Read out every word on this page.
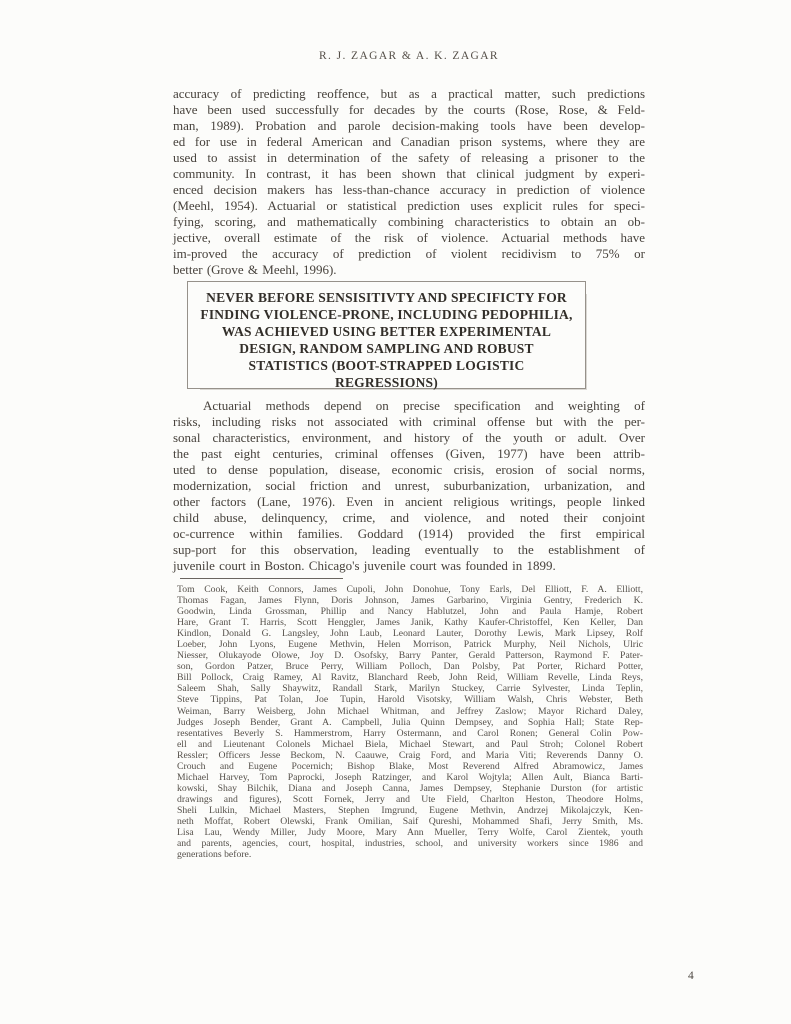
R. J. ZAGAR & A. K. ZAGAR
accuracy of predicting reoffence, but as a practical matter, such predictions
have been used successfully for decades by the courts (Rose, Rose, & Feld-
man, 1989). Probation and parole decision-making tools have been develop-
ed for use in federal American and Canadian prison systems, where they are
used to assist in determination of the safety of releasing a prisoner to the
community. In contrast, it has been shown that clinical judgment by experi-
enced decision makers has less-than-chance accuracy in prediction of violence
(Meehl, 1954). Actuarial or statistical prediction uses explicit rules for speci-
fying, scoring, and mathematically combining characteristics to obtain an ob-
jective, overall estimate of the risk of violence. Actuarial methods have
im-proved the accuracy of prediction of violent recidivism to 75% or
better (Grove & Meehl, 1996).
NEVER BEFORE SENSISITIVTY AND SPECIFICTY FOR
FINDING VIOLENCE-PRONE, INCLUDING PEDOPHILIA,
WAS ACHIEVED USING BETTER EXPERIMENTAL
DESIGN, RANDOM SAMPLING AND ROBUST
STATISTICS (BOOT-STRAPPED LOGISTIC
REGRESSIONS)
Actuarial methods depend on precise specification and weighting of
risks, including risks not associated with criminal offense but with the per-
sonal characteristics, environment, and history of the youth or adult. Over
the past eight centuries, criminal offenses (Given, 1977) have been attrib-
uted to dense population, disease, economic crisis, erosion of social norms,
modernization, social friction and unrest, suburbanization, urbanization, and
other factors (Lane, 1976). Even in ancient religious writings, people linked
child abuse, delinquency, crime, and violence, and noted their conjoint
oc-currence within families. Goddard (1914) provided the first empirical
sup-port for this observation, leading eventually to the establishment of
juvenile court in Boston. Chicago's juvenile court was founded in 1899.
Tom Cook, Keith Connors, James Cupoli, John Donohue, Tony Earls, Del Elliott, F. A. Elliott,
Thomas Fagan, James Flynn, Doris Johnson, James Garbarino, Virginia Gentry, Frederich K.
Goodwin, Linda Grossman, Phillip and Nancy Hablutzel, John and Paula Hamje, Robert
Hare, Grant T. Harris, Scott Henggler, James Janik, Kathy Kaufer-Christoffel, Ken Keller, Dan
Kindlon, Donald G. Langsley, John Laub, Leonard Lauter, Dorothy Lewis, Mark Lipsey, Rolf
Loeber, John Lyons, Eugene Methvin, Helen Morrison, Patrick Murphy, Neil Nichols, Ulric
Niesser, Olukayode Olowe, Joy D. Osofsky, Barry Panter, Gerald Patterson, Raymond F. Pater-
son, Gordon Patzer, Bruce Perry, William Polloch, Dan Polsby, Pat Porter, Richard Potter,
Bill Pollock, Craig Ramey, Al Ravitz, Blanchard Reeb, John Reid, William Revelle, Linda Reys,
Saleem Shah, Sally Shaywitz, Randall Stark, Marilyn Stuckey, Carrie Sylvester, Linda Teplin,
Steve Tippins, Pat Tolan, Joe Tupin, Harold Visotsky, William Walsh, Chris Webster, Beth
Weiman, Barry Weisberg, John Michael Whitman, and Jeffrey Zaslow; Mayor Richard Daley,
Judges Joseph Bender, Grant A. Campbell, Julia Quinn Dempsey, and Sophia Hall; State Rep-
resentatives Beverly S. Hammerstrom, Harry Ostermann, and Carol Ronen; General Colin Pow-
ell and Lieutenant Colonels Michael Biela, Michael Stewart, and Paul Stroh; Colonel Robert
Ressler; Officers Jesse Beckom, N. Caauwe, Craig Ford, and Maria Viti; Reverends Danny O.
Crouch and Eugene Pocernich; Bishop Blake, Most Reverend Alfred Abramowicz, James
Michael Harvey, Tom Paprocki, Joseph Ratzinger, and Karol Wojtyla; Allen Ault, Bianca Barti-
kowski, Shay Bilchik, Diana and Joseph Canna, James Dempsey, Stephanie Durston (for artistic
drawings and figures), Scott Fornek, Jerry and Ute Field, Charlton Heston, Theodore Holms,
Sheli Lulkin, Michael Masters, Stephen Imgrund, Eugene Methvin, Andrzej Mikolajczyk, Ken-
neth Moffat, Robert Olewski, Frank Omilian, Saif Qureshi, Mohammed Shafi, Jerry Smith, Ms.
Lisa Lau, Wendy Miller, Judy Moore, Mary Ann Mueller, Terry Wolfe, Carol Zientek, youth
and parents, agencies, court, hospital, industries, school, and university workers since 1986 and
generations before.
4
